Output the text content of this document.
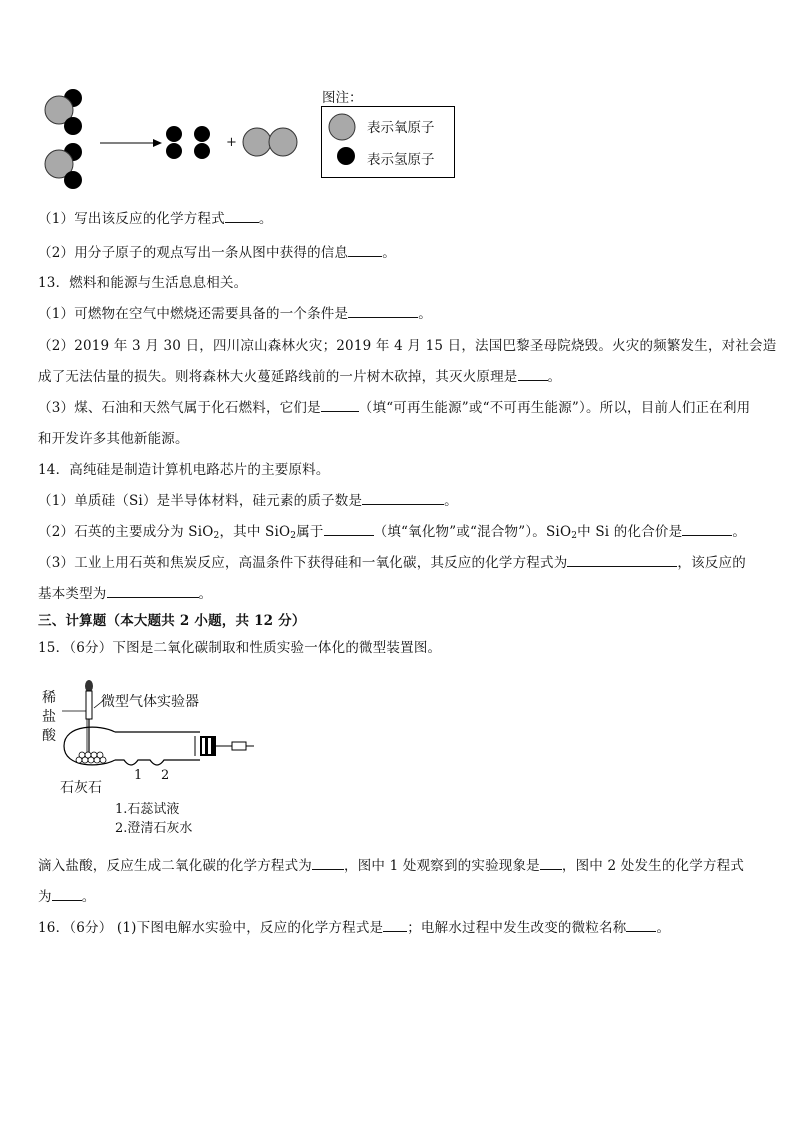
+
图注：
表示氧原子
表示氢原子
（1）写出该反应的化学方程式	。
（2）用分子原子的观点写出一条从图中获得的信息	。
13．燃料和能源与生活息息相关。
（1）可燃物在空气中燃烧还需要具备的一个条件是	。
（2）2019 年 3 月 30 日，四川凉山森林火灾；2019 年 4 月 15 日，法国巴黎圣母院烧毁。火灾的频繁发生，对社会造
成了无法估量的损失。则将森林大火蔓延路线前的一片树木砍掉，其灭火原理是 。
（3）煤、石油和天然气属于化石燃料，它们是	（填“可再生能源”或“不可再生能源”）。所以，目前人们正在利用
和开发许多其他新能源。
14．高纯硅是制造计算机电路芯片的主要原料。
（1）单质硅（Si）是半导体材料，硅元素的质子数是	。
（2）石英的主要成分为 SiO$_2$，其中 SiO$_2$属于	（填“氧化物”或“混合物”）。SiO$_2$中 Si 的化合价是	。
（3）工业上用石英和焦炭反应，高温条件下获得硅和一氧化碳，其反应的化学方程式为	，该反应的
基本类型为	。
三、计算题（本大题共 2 小题，共 12 分）
15．（6分）下图是二氧化碳制取和性质实验一体化的微型装置图。
稀
盐
酸
微型气体实验器
石灰石
1 2
1.石蕊试液
2.澄清石灰水
滴入盐酸，反应生成二氧化碳的化学方程式为 ，图中 1 处观察到的实验现象是 ，图中 2 处发生的化学方程式
为 。
16．（6分） (1)下图电解水实验中，反应的化学方程式是 ；电解水过程中发生改变的微粒名称 。
